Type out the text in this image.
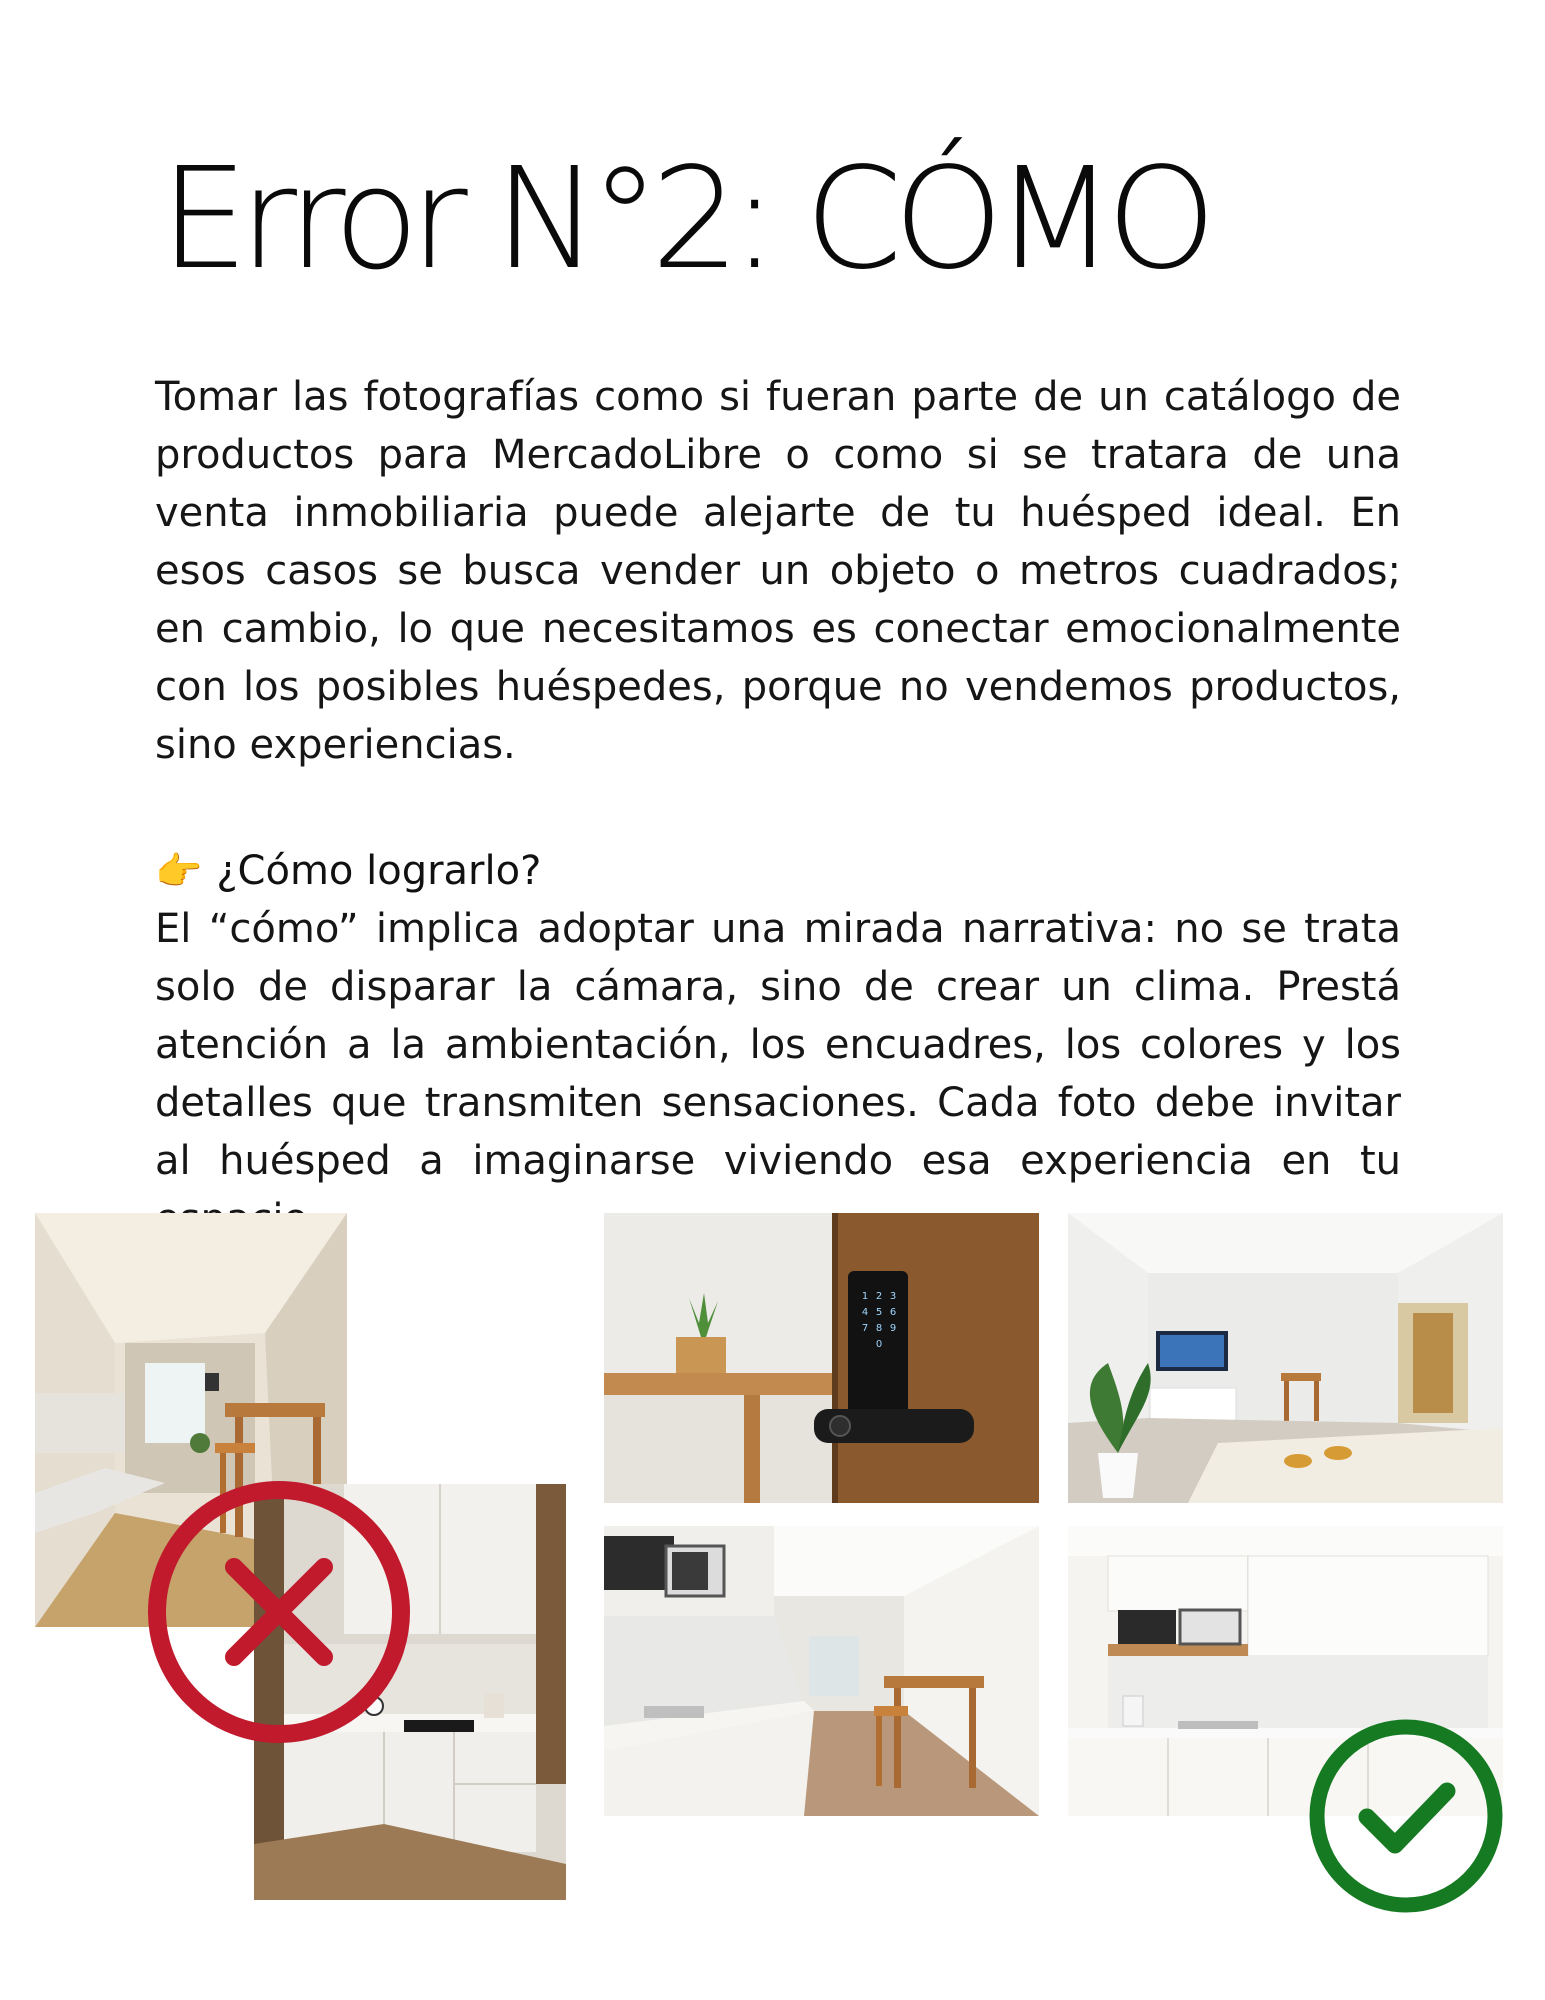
Error N°2: CÓMO

Tomar las fotografías como si fueran parte de un catálogo de productos para MercadoLibre o como si se tratara de una venta inmobiliaria puede alejarte de tu huésped ideal. En esos casos se busca vender un objeto o metros cuadrados; en cambio, lo que necesitamos es conectar emocionalmente con los posibles huéspedes, porque no vendemos productos, sino experiencias.

👉 ¿Cómo lograrlo?

El “cómo” implica adoptar una mirada narrativa: no se trata solo de disparar la cámara, sino de crear un clima. Prestá atención a la ambientación, los encuadres, los colores y los detalles que transmiten sensaciones. Cada foto debe invitar al huésped a imaginarse viviendo esa experiencia en tu

1 2 3
4 5 6
7 8 9
0
